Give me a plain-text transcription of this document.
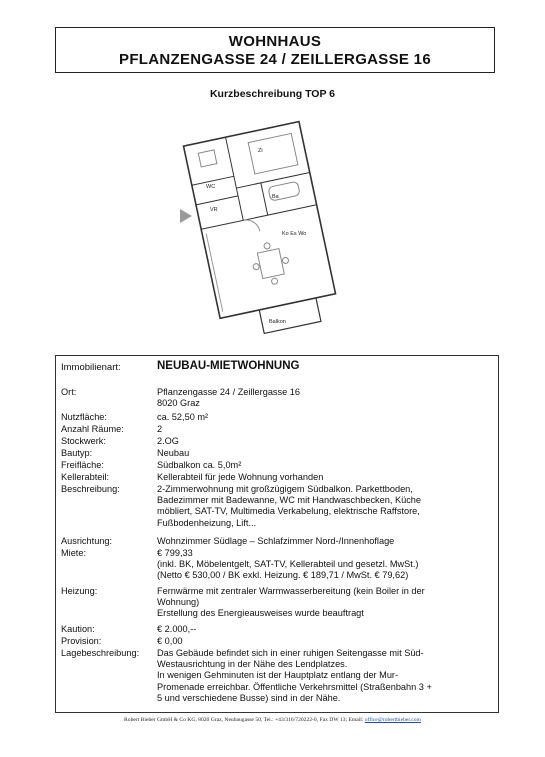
WOHNHAUS
PFLANZENGASSE 24 / ZEILLERGASSE 16
Kurzbeschreibung TOP 6
Zi
WC
VR
Ba
Ko Es Wo
Balkon
Immobilienart:	NEUBAU-MIETWOHNUNG
Ort:	Pflanzengasse 24 / Zeillergasse 16
8020 Graz
Nutzfläche:	ca. 52,50 m²
Anzahl Räume:	2
Stockwerk:	2.OG
Bautyp:	Neubau
Freifläche:	Südbalkon ca. 5,0m²
Kellerabteil:	Kellerabteil für jede Wohnung vorhanden
Beschreibung:	2-Zimmerwohnung mit großzügigem Südbalkon. Parkettboden,
Badezimmer mit Badewanne, WC mit Handwaschbecken, Küche
möbliert, SAT-TV, Multimedia Verkabelung, elektrische Raffstore,
Fußbodenheizung, Lift...
Ausrichtung:	Wohnzimmer Südlage – Schlafzimmer Nord-/Innenhoflage
Miete:	€ 799,33
(inkl. BK, Möbelentgelt, SAT-TV, Kellerabteil und gesetzl. MwSt.)
(Netto € 530,00 / BK exkl. Heizung. € 189,71 / MwSt. € 79,62)
Heizung:	Fernwärme mit zentraler Warmwasserbereitung (kein Boiler in der
Wohnung)
Erstellung des Energieausweises wurde beauftragt
Kaution:	€ 2.000,--
Provision:	€ 0,00
Lagebeschreibung:	Das Gebäude befindet sich in einer ruhigen Seitengasse mit Süd-
Westausrichtung in der Nähe des Lendplatzes.
In wenigen Gehminuten ist der Hauptplatz entlang der Mur-
Promenade erreichbar. Öffentliche Verkehrsmittel (Straßenbahn 3 +
5 und verschiedene Busse) sind in der Nähe.
Robert Bieber GmbH & Co KG, 8020 Graz, Neubaugasse 50, Tel.: +43/316/720222-0, Fax DW 13; Email: office@robertbieber.com
